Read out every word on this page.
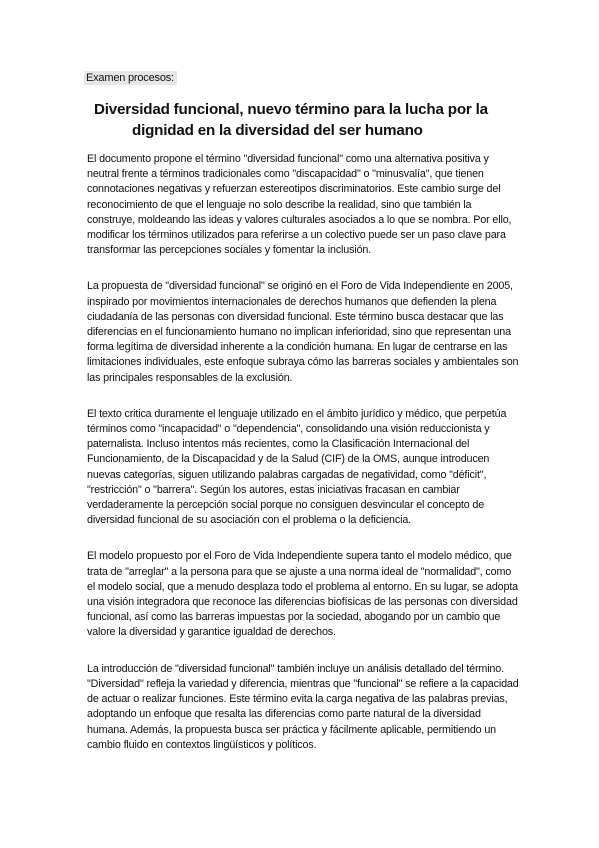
Examen procesos:
Diversidad funcional, nuevo término para la lucha por la
dignidad en la diversidad del ser humano

El documento propone el término "diversidad funcional" como una alternativa positiva y neutral frente a términos tradicionales como "discapacidad" o "minusvalía", que tienen connotaciones negativas y refuerzan estereotipos discriminatorios. Este cambio surge del reconocimiento de que el lenguaje no solo describe la realidad, sino que también la construye, moldeando las ideas y valores culturales asociados a lo que se nombra. Por ello, modificar los términos utilizados para referirse a un colectivo puede ser un paso clave para transformar las percepciones sociales y fomentar la inclusión.

La propuesta de "diversidad funcional" se originó en el Foro de Vida Independiente en 2005, inspirado por movimientos internacionales de derechos humanos que defienden la plena ciudadanía de las personas con diversidad funcional. Este término busca destacar que las diferencias en el funcionamiento humano no implican inferioridad, sino que representan una forma legítima de diversidad inherente a la condición humana. En lugar de centrarse en las limitaciones individuales, este enfoque subraya cómo las barreras sociales y ambientales son las principales responsables de la exclusión.

El texto critica duramente el lenguaje utilizado en el ámbito jurídico y médico, que perpetúa términos como "incapacidad" o "dependencia", consolidando una visión reduccionista y paternalista. Incluso intentos más recientes, como la Clasificación Internacional del Funcionamiento, de la Discapacidad y de la Salud (CIF) de la OMS, aunque introducen nuevas categorías, siguen utilizando palabras cargadas de negatividad, como "déficit", "restricción" o "barrera". Según los autores, estas iniciativas fracasan en cambiar verdaderamente la percepción social porque no consiguen desvincular el concepto de diversidad funcional de su asociación con el problema o la deficiencia.

El modelo propuesto por el Foro de Vida Independiente supera tanto el modelo médico, que trata de "arreglar" a la persona para que se ajuste a una norma ideal de "normalidad", como el modelo social, que a menudo desplaza todo el problema al entorno. En su lugar, se adopta una visión integradora que reconoce las diferencias biofísicas de las personas con diversidad funcional, así como las barreras impuestas por la sociedad, abogando por un cambio que valore la diversidad y garantice igualdad de derechos.

La introducción de "diversidad funcional" también incluye un análisis detallado del término. "Diversidad" refleja la variedad y diferencia, mientras que "funcional" se refiere a la capacidad de actuar o realizar funciones. Este término evita la carga negativa de las palabras previas, adoptando un enfoque que resalta las diferencias como parte natural de la diversidad humana. Además, la propuesta busca ser práctica y fácilmente aplicable, permitiendo un cambio fluido en contextos lingüísticos y políticos.
